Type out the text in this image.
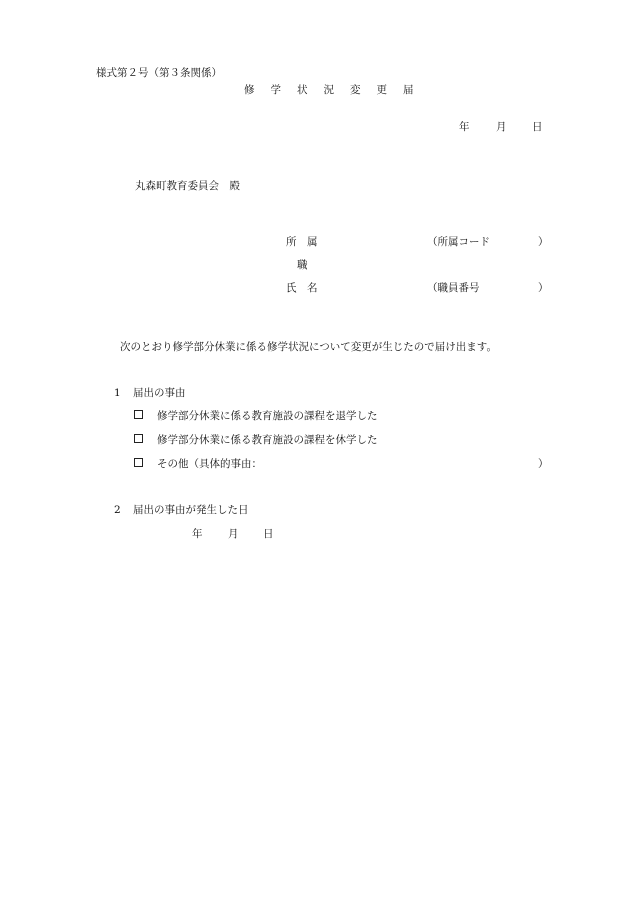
様式第２号（第３条関係）
修 学 状 況 変 更 届
年	月 日
丸森町教育委員会　殿
所　属	（所属コード	）
職
氏　名	（職員番号	）
次のとおり修学部分休業に係る修学状況について変更が生じたので届け出ます。
1 届出の事由
修学部分休業に係る教育施設の課程を退学した
修学部分休業に係る教育施設の課程を休学した
その他（具体的事由：	）
2 届出の事由が発生した日
年 月 日
